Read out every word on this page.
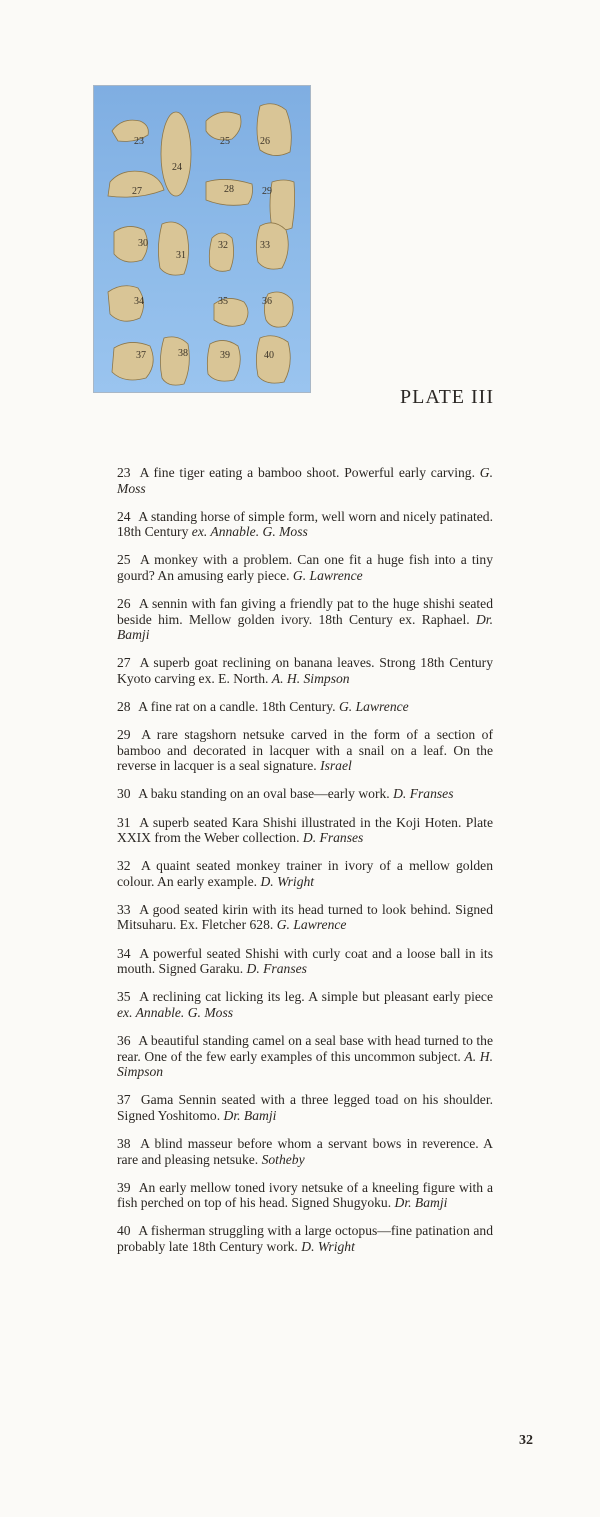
23
24
25	26
27	28	29
30
31
32	33
34	35	36
37	38	39	40
PLATE III

23 A fine tiger eating a bamboo shoot. Powerful early carving. G. Moss

24 A standing horse of simple form, well worn and nicely patinated. 18th Century ex. Annable. G. Moss

25 A monkey with a problem. Can one fit a huge fish into a tiny gourd? An amusing early piece. G. Lawrence

26 A sennin with fan giving a friendly pat to the huge shishi seated beside him. Mellow golden ivory. 18th Century ex. Raphael. Dr. Bamji

27 A superb goat reclining on banana leaves. Strong 18th Century Kyoto carving ex. E. North. A. H. Simpson

28 A fine rat on a candle. 18th Century. G. Lawrence

29 A rare stagshorn netsuke carved in the form of a section of bamboo and decorated in lacquer with a snail on a leaf. On the reverse in lacquer is a seal signature. Israel

30 A baku standing on an oval base—early work. D. Franses

31 A superb seated Kara Shishi illustrated in the Koji Hoten. Plate XXIX from the Weber collection. D. Franses

32 A quaint seated monkey trainer in ivory of a mellow golden colour. An early example. D. Wright

33 A good seated kirin with its head turned to look behind. Signed Mitsuharu. Ex. Fletcher 628. G. Lawrence

34 A powerful seated Shishi with curly coat and a loose ball in its mouth. Signed Garaku. D. Franses

35 A reclining cat licking its leg. A simple but pleasant early piece ex. Annable. G. Moss

36 A beautiful standing camel on a seal base with head turned to the rear. One of the few early examples of this uncommon subject. A. H. Simpson

37 Gama Sennin seated with a three legged toad on his shoulder. Signed Yoshitomo. Dr. Bamji

38 A blind masseur before whom a servant bows in reverence. A rare and pleasing netsuke. Sotheby

39 An early mellow toned ivory netsuke of a kneeling figure with a fish perched on top of his head. Signed Shugyoku. Dr. Bamji

40 A fisherman struggling with a large octopus—fine patination and probably late 18th Century work. D. Wright

32
